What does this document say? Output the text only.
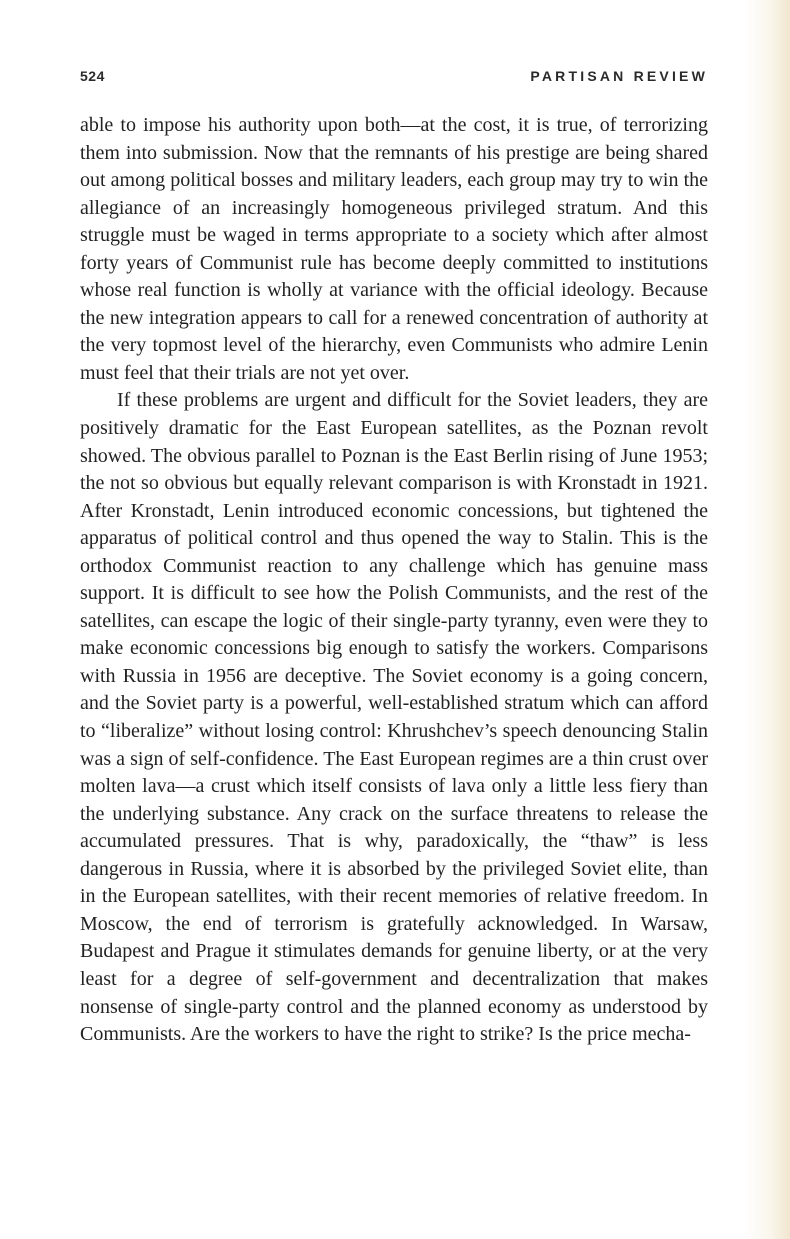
524	PARTISAN REVIEW

able to impose his authority upon both—at the cost, it is true, of terrorizing them into submission. Now that the remnants of his prestige are being shared out among political bosses and military leaders, each group may try to win the allegiance of an increasingly homogeneous privileged stratum. And this struggle must be waged in terms appropriate to a society which after almost forty years of Communist rule has become deeply committed to institutions whose real function is wholly at variance with the official ideology. Because the new integration appears to call for a renewed concentration of authority at the very topmost level of the hierarchy, even Communists who admire Lenin must feel that their trials are not yet over.

If these problems are urgent and difficult for the Soviet leaders, they are positively dramatic for the East European satellites, as the Poznan revolt showed. The obvious parallel to Poznan is the East Berlin rising of June 1953; the not so obvious but equally relevant comparison is with Kronstadt in 1921. After Kronstadt, Lenin introduced economic concessions, but tightened the apparatus of political control and thus opened the way to Stalin. This is the orthodox Communist reaction to any challenge which has genuine mass support. It is difficult to see how the Polish Communists, and the rest of the satellites, can escape the logic of their single-party tyranny, even were they to make economic concessions big enough to satisfy the workers. Comparisons with Russia in 1956 are deceptive. The Soviet economy is a going concern, and the Soviet party is a powerful, well-established stratum which can afford to “liberalize” without losing control: Khrushchev’s speech denouncing Stalin was a sign of self-confidence. The East European regimes are a thin crust over molten lava—a crust which itself consists of lava only a little less fiery than the underlying substance. Any crack on the surface threatens to release the accumulated pressures. That is why, paradoxically, the “thaw” is less dangerous in Russia, where it is absorbed by the privileged Soviet elite, than in the European satellites, with their recent memories of relative freedom. In Moscow, the end of terrorism is gratefully acknowledged. In Warsaw, Budapest and Prague it stimulates demands for genuine liberty, or at the very least for a degree of self-government and decentralization that makes nonsense of single-party control and the planned economy as understood by Communists. Are the workers to have the right to strike? Is the price mecha-
